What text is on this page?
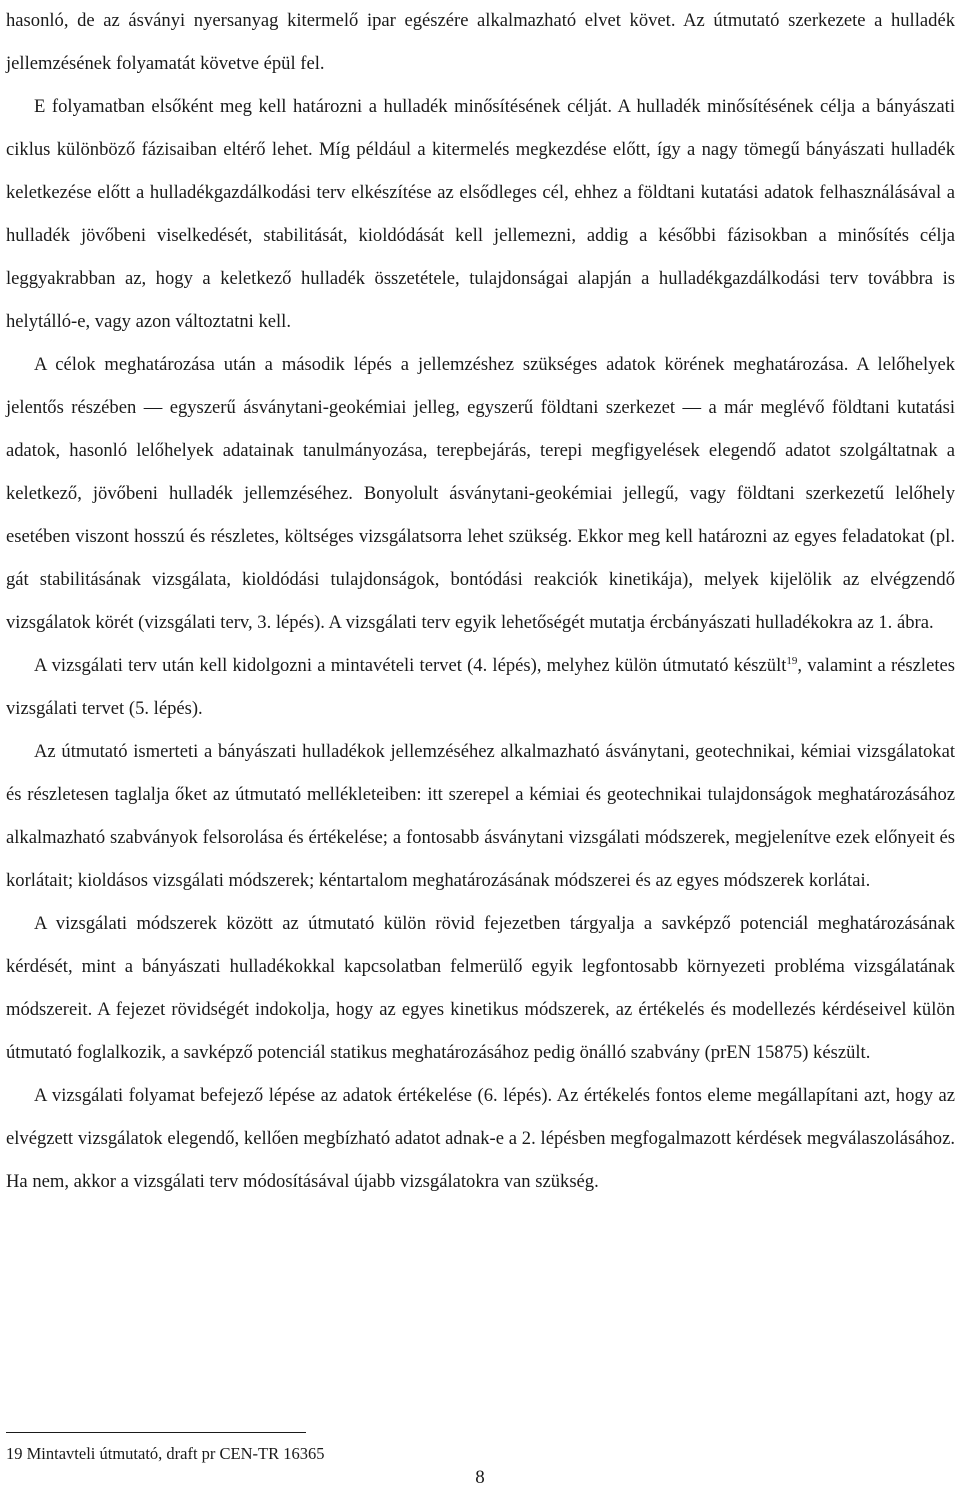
hasonló, de az ásványi nyersanyag kitermelő ipar egészére alkalmazható elvet követ. Az útmutató szerkezete a hulladék jellemzésének folyamatát követve épül fel.

E folyamatban elsőként meg kell határozni a hulladék minősítésének célját. A hulladék minősítésének célja a bányászati ciklus különböző fázisaiban eltérő lehet. Míg például a kitermelés megkezdése előtt, így a nagy tömegű bányászati hulladék keletkezése előtt a hulladékgazdálkodási terv elkészítése az elsődleges cél, ehhez a földtani kutatási adatok felhasználásával a hulladék jövőbeni viselkedését, stabilitását, kioldódását kell jellemezni, addig a későbbi fázisokban a minősítés célja leggyakrabban az, hogy a keletkező hulladék összetétele, tulajdonságai alapján a hulladékgazdálkodási terv továbbra is helytálló-e, vagy azon változtatni kell.

A célok meghatározása után a második lépés a jellemzéshez szükséges adatok körének meghatározása. A lelőhelyek jelentős részében — egyszerű ásványtani-geokémiai jelleg, egyszerű földtani szerkezet — a már meglévő földtani kutatási adatok, hasonló lelőhelyek adatainak tanulmányozása, terepbejárás, terepi megfigyelések elegendő adatot szolgáltatnak a keletkező, jövőbeni hulladék jellemzéséhez. Bonyolult ásványtani-geokémiai jellegű, vagy földtani szerkezetű lelőhely esetében viszont hosszú és részletes, költséges vizsgálatsorra lehet szükség. Ekkor meg kell határozni az egyes feladatokat (pl. gát stabilitásának vizsgálata, kioldódási tulajdonságok, bontódási reakciók kinetikája), melyek kijelölik az elvégzendő vizsgálatok körét (vizsgálati terv, 3. lépés). A vizsgálati terv egyik lehetőségét mutatja ércbányászati hulladékokra az 1. ábra.

A vizsgálati terv után kell kidolgozni a mintavételi tervet (4. lépés), melyhez külön útmutató készült$^{19}$, valamint a részletes vizsgálati tervet (5. lépés).

Az útmutató ismerteti a bányászati hulladékok jellemzéséhez alkalmazható ásványtani, geotechnikai, kémiai vizsgálatokat és részletesen taglalja őket az útmutató mellékleteiben: itt szerepel a kémiai és geotechnikai tulajdonságok meghatározásához alkalmazható szabványok felsorolása és értékelése; a fontosabb ásványtani vizsgálati módszerek, megjelenítve ezek előnyeit és korlátait; kioldásos vizsgálati módszerek; kéntartalom meghatározásának módszerei és az egyes módszerek korlátai.

A vizsgálati módszerek között az útmutató külön rövid fejezetben tárgyalja a savképző potenciál meghatározásának kérdését, mint a bányászati hulladékokkal kapcsolatban felmerülő egyik legfontosabb környezeti probléma vizsgálatának módszereit. A fejezet rövidségét indokolja, hogy az egyes kinetikus módszerek, az értékelés és modellezés kérdéseivel külön útmutató foglalkozik, a savképző potenciál statikus meghatározásához pedig önálló szabvány (prEN 15875) készült.

A vizsgálati folyamat befejező lépése az adatok értékelése (6. lépés). Az értékelés fontos eleme megállapítani azt, hogy az elvégzett vizsgálatok elegendő, kellően megbízható adatot adnak-e a 2. lépésben megfogalmazott kérdések megválaszolásához. Ha nem, akkor a vizsgálati terv módosításával újabb vizsgálatokra van szükség.

19 Mintavteli útmutató, draft pr CEN-TR 16365
8
